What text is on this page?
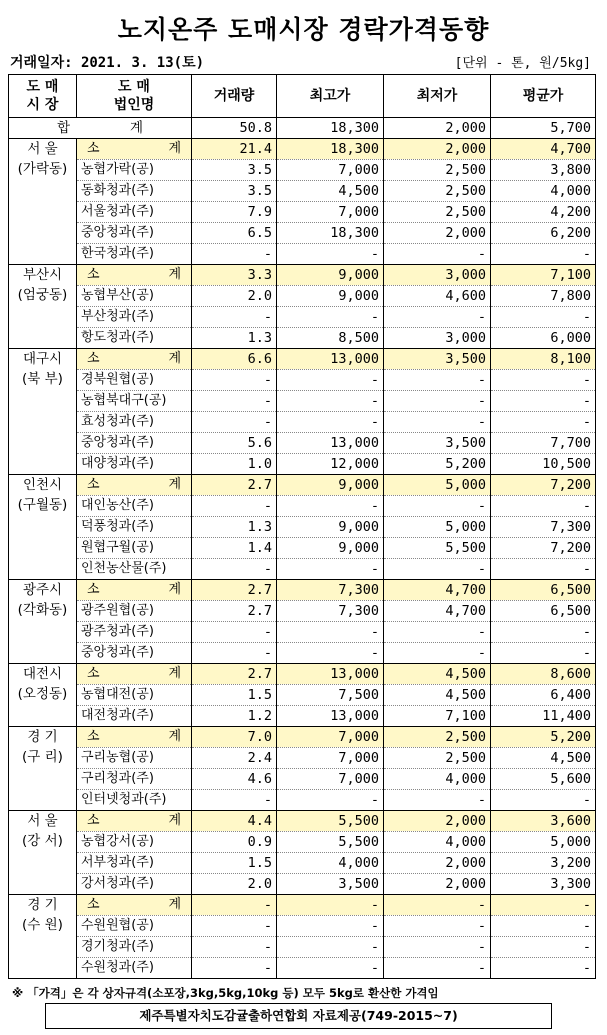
노지온주 도매시장 경락가격동향
거래일자: 2021. 3. 13(토)	[단위 - 톤, 원/5kg]
도 매
시 장	도 매
법인명	거래량	최고가	최저가	평균가
합 계		50.8	18,300	2,000	5,700

서 울
(가락동)	소 계	21.4	18,300	2,000	4,700
	농협가락(공)	3.5	7,000	2,500	3,800
	동화청과(주)	3.5	4,500	2,500	4,000
	서울청과(주)	7.9	7,000	2,500	4,200
	중앙청과(주)	6.5	18,300	2,000	6,200
	한국청과(주)	-	-	-	-

부산시
(엄궁동)	소 계	3.3	9,000	3,000	7,100
	농협부산(공)	2.0	9,000	4,600	7,800
	부산청과(주)	-	-	-	-
	항도청과(주)	1.3	8,500	3,000	6,000

대구시
(북 부)	소 계	6.6	13,000	3,500	8,100
	경북원협(공)	-	-	-	-
	농협북대구(공)	-	-	-	-
	효성청과(주)	-	-	-	-
	중앙청과(주)	5.6	13,000	3,500	7,700
	대양청과(주)	1.0	12,000	5,200	10,500

인천시
(구월동)	소 계	2.7	9,000	5,000	7,200
	대인농산(주)	-	-	-	-
	덕풍청과(주)	1.3	9,000	5,000	7,300
	원협구월(공)	1.4	9,000	5,500	7,200
	인천농산물(주)	-	-	-	-

광주시
(각화동)	소 계	2.7	7,300	4,700	6,500
	광주원협(공)	2.7	7,300	4,700	6,500
	광주청과(주)	-	-	-	-
	중앙청과(주)	-	-	-	-

대전시
(오정동)	소 계	2.7	13,000	4,500	8,600
	농협대전(공)	1.5	7,500	4,500	6,400
	대전청과(주)	1.2	13,000	7,100	11,400

경 기
(구 리)	소 계	7.0	7,000	2,500	5,200
	구리농협(공)	2.4	7,000	2,500	4,500
	구리청과(주)	4.6	7,000	4,000	5,600
	인터넷청과(주)	-	-	-	-

서 울
(강 서)	소 계	4.4	5,500	2,000	3,600
	농협강서(공)	0.9	5,500	4,000	5,000
	서부청과(주)	1.5	4,000	2,000	3,200
	강서청과(주)	2.0	3,500	2,000	3,300

경 기
(수 원)	소 계	-	-	-	-
	수원원협(공)	-	-	-	-
	경기청과(주)	-	-	-	-
	수원청과(주)	-	-	-	-
※ 「가격」은 각 상자규격(소포장,3kg,5kg,10kg 등) 모두 5kg로 환산한 가격임
제주특별자치도감귤출하연합회 자료제공(749-2015~7)
